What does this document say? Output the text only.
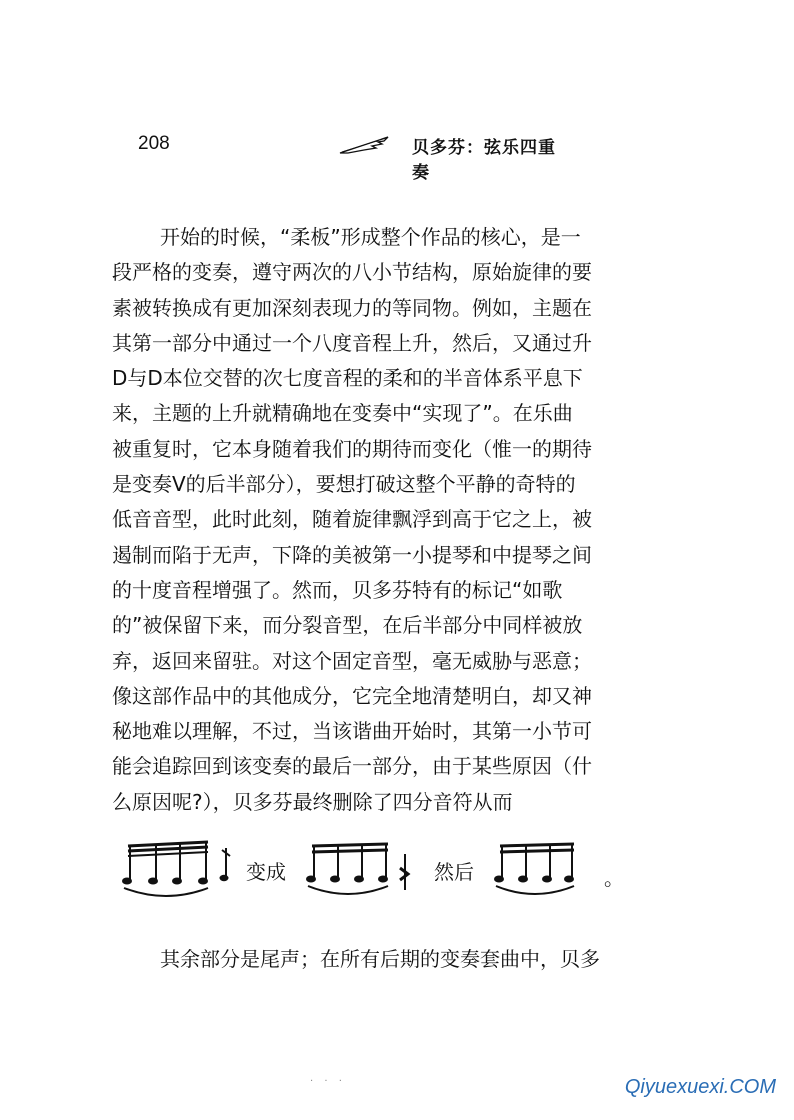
208	贝多芬：弦乐四重奏
开始的时候，“柔板”形成整个作品的核心，是一
段严格的变奏，遵守两次的八小节结构，原始旋律的要
素被转换成有更加深刻表现力的等同物。例如，主题在
其第一部分中通过一个八度音程上升，然后，又通过升
D与D本位交替的次七度音程的柔和的半音体系平息下
来，主题的上升就精确地在变奏中“实现了”。在乐曲
被重复时，它本身随着我们的期待而变化（惟一的期待
是变奏V的后半部分），要想打破这整个平静的奇特的
低音音型，此时此刻，随着旋律飘浮到高于它之上，被
遏制而陷于无声，下降的美被第一小提琴和中提琴之间
的十度音程增强了。然而，贝多芬特有的标记“如歌
的”被保留下来，而分裂音型，在后半部分中同样被放
弃，返回来留驻。对这个固定音型，毫无威胁与恶意；
像这部作品中的其他成分，它完全地清楚明白，却又神
秘地难以理解，不过，当该谐曲开始时，其第一小节可
能会追踪回到该变奏的最后一部分，由于某些原因（什
么原因呢?），贝多芬最终删除了四分音符从而
变成	然后	。
其余部分是尾声；在所有后期的变奏套曲中，贝多
· · ·	Qiyuexuexi.COM
